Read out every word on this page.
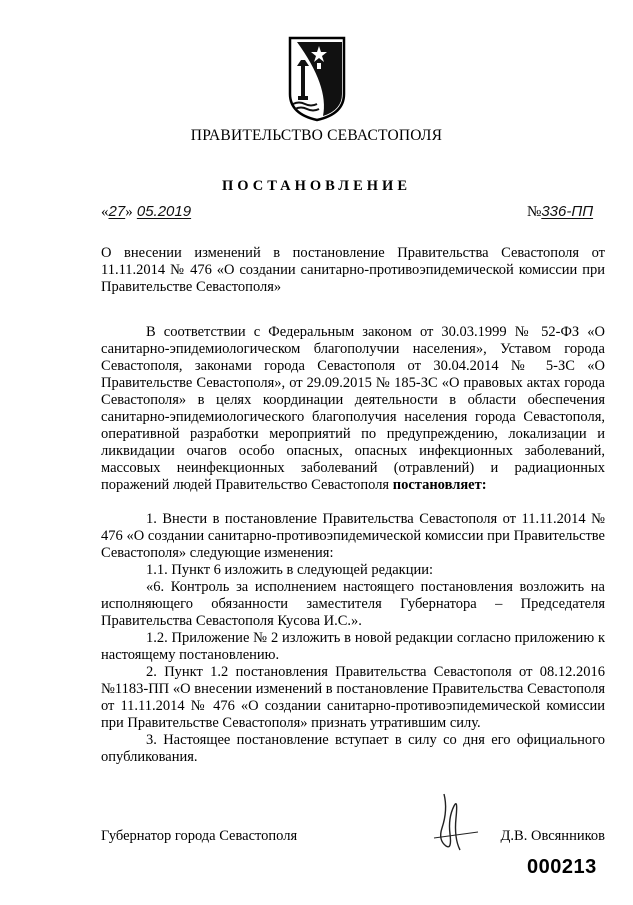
ПРАВИТЕЛЬСТВО СЕВАСТОПОЛЯ
ПОСТАНОВЛЕНИЕ
«27» 05.2019	№336-ПП

О внесении изменений в постановление Правительства Севастополя от 11.11.2014 № 476 «О создании санитарно-противоэпидемической комиссии при Правительстве Севастополя»

В соответствии с Федеральным законом от 30.03.1999 № 52-ФЗ «О санитарно-эпидемиологическом благополучии населения», Уставом города Севастополя, законами города Севастополя от 30.04.2014 № 5-ЗС «О Правительстве Севастополя», от 29.09.2015 № 185-ЗС «О правовых актах города Севастополя» в целях координации деятельности в области обеспечения санитарно-эпидемиологического благополучия населения города Севастополя, оперативной разработки мероприятий по предупреждению, локализации и ликвидации очагов особо опасных, опасных инфекционных заболеваний, массовых неинфекционных заболеваний (отравлений) и радиационных поражений людей Правительство Севастополя постановляет:

1. Внести в постановление Правительства Севастополя от 11.11.2014 № 476 «О создании санитарно-противоэпидемической комиссии при Правительстве Севастополя» следующие изменения:

1.1. Пункт 6 изложить в следующей редакции:

«6. Контроль за исполнением настоящего постановления возложить на исполняющего обязанности заместителя Губернатора – Председателя Правительства Севастополя Кусова И.С.».

1.2. Приложение № 2 изложить в новой редакции согласно приложению к настоящему постановлению.

2. Пункт 1.2 постановления Правительства Севастополя от 08.12.2016 №1183-ПП «О внесении изменений в постановление Правительства Севастополя от 11.11.2014 № 476 «О создании санитарно-противоэпидемической комиссии при Правительстве Севастополя» признать утратившим силу.

3. Настоящее постановление вступает в силу со дня его официального опубликования.

Губернатор города Севастополя	Д.В. Овсянников
000213
